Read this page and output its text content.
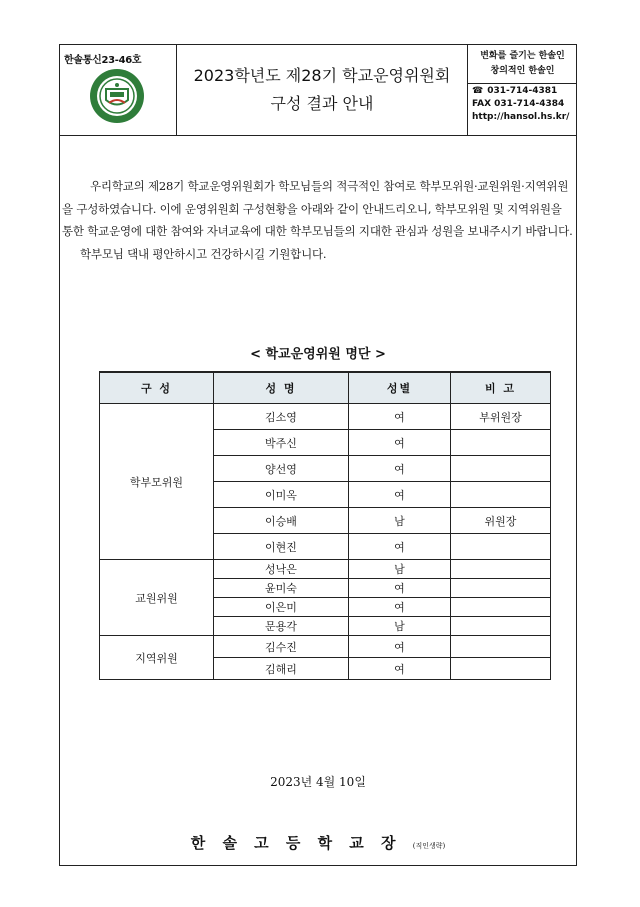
한솔통신23-46호
2023학년도 제28기 학교운영위원회
구성 결과 안내
변화를 즐기는 한솔인
창의적인 한솔인
☎ 031-714-4381
FAX 031-714-4384
http://hansol.hs.kr/

우리학교의 제28기 학교운영위원회가 학모님들의 적극적인 참여로 학부모위원·교원위원·지역위원을 구성하였습니다. 이에 운영위원회 구성현황을 아래와 같이 안내드리오니, 학부모위원 및 지역위원을 통한 학교운영에 대한 참여와 자녀교육에 대한 학부모님들의 지대한 관심과 성원을 보내주시기 바랍니다.

학부모님 댁내 평안하시고 건강하시길 기원합니다.

< 학교운영위원 명단 >
구 성	성 명	성별	비 고
학부모위원	김소영	여	부위원장
	박주신	여	
	양선영	여	
	이미옥	여	
	이승배	남	위원장
	이현진	여	
교원위원	성낙은	남	
	윤미숙	여	
	이은미	여	
	문용각	남	
지역위원	김수진	여	
	김해리	여	
2023년 4월 10일
한 솔 고 등 학 교 장 (직인생략)
